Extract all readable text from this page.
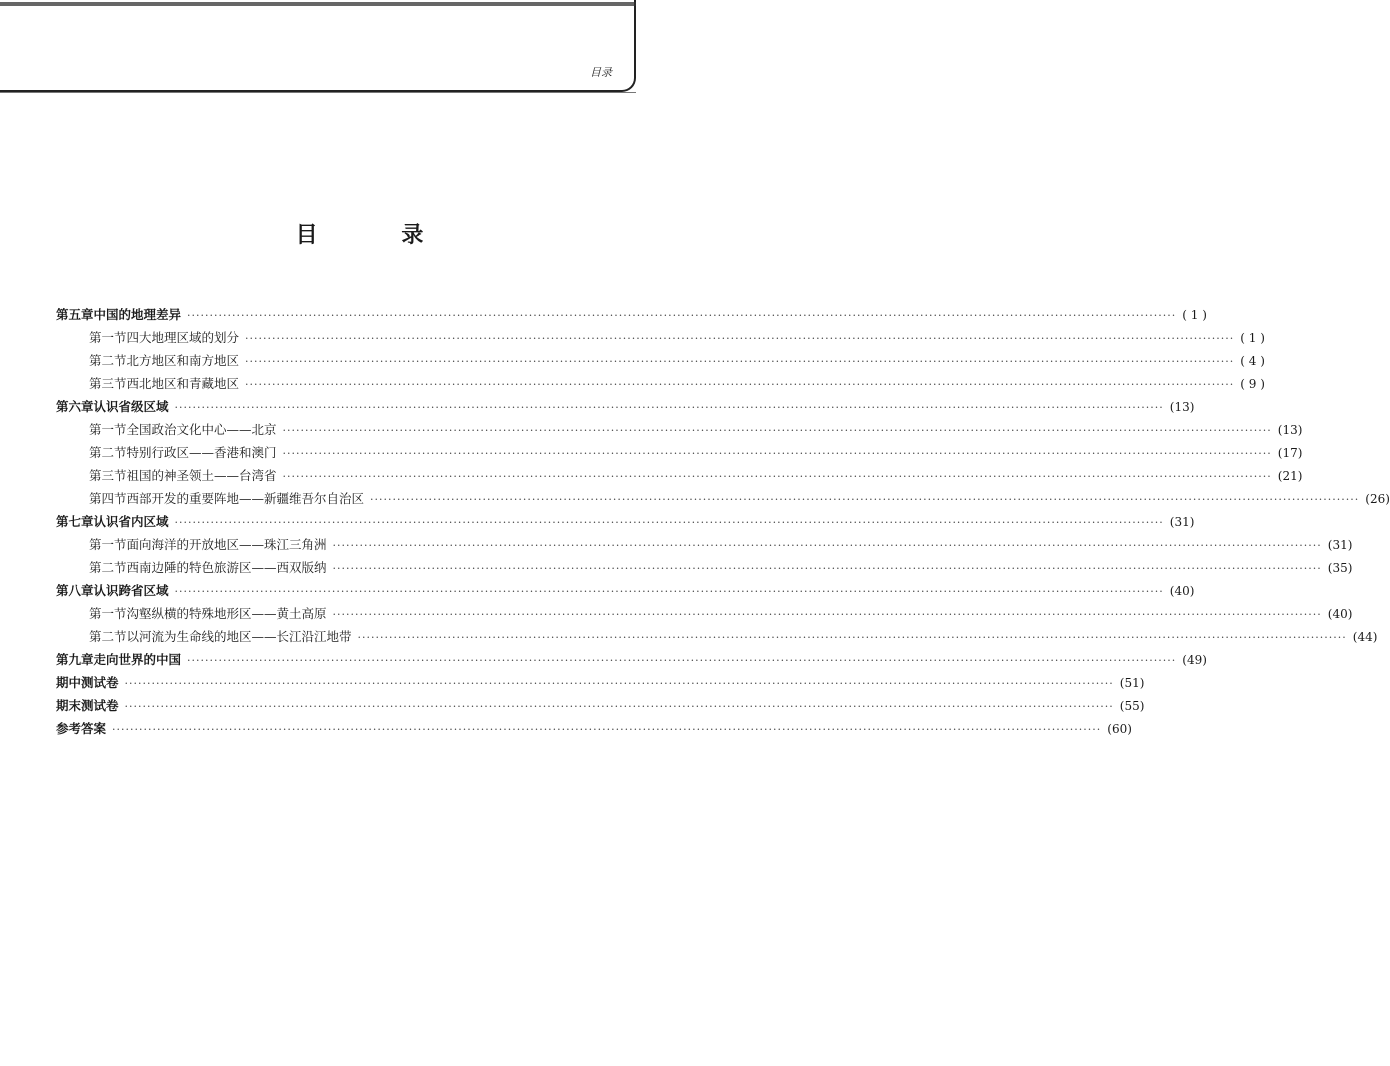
目录
目 录
第五章 中国的地理差异 ···························································································································································································································· ( 1 )
第一节 四大地理区域的划分 ···························································································································································································································· ( 1 )
第二节 北方地区和南方地区 ···························································································································································································································· ( 4 )
第三节 西北地区和青藏地区 ···························································································································································································································· ( 9 )
第六章 认识省级区域 ···························································································································································································································· (13)
第一节 全国政治文化中心——北京 ···························································································································································································································· (13)
第二节 特别行政区——香港和澳门 ···························································································································································································································· (17)
第三节 祖国的神圣领土——台湾省 ···························································································································································································································· (21)
第四节 西部开发的重要阵地——新疆维吾尔自治区 ···························································································································································································································· (26)
第七章 认识省内区域 ···························································································································································································································· (31)
第一节 面向海洋的开放地区——珠江三角洲 ···························································································································································································································· (31)
第二节 西南边陲的特色旅游区——西双版纳 ···························································································································································································································· (35)
第八章 认识跨省区域 ···························································································································································································································· (40)
第一节 沟壑纵横的特殊地形区——黄土高原 ···························································································································································································································· (40)
第二节 以河流为生命线的地区——长江沿江地带 ···························································································································································································································· (44)
第九章 走向世界的中国 ···························································································································································································································· (49)
期中测试卷 ···························································································································································································································· (51)
期末测试卷 ···························································································································································································································· (55)
参考答案 ···························································································································································································································· (60)
